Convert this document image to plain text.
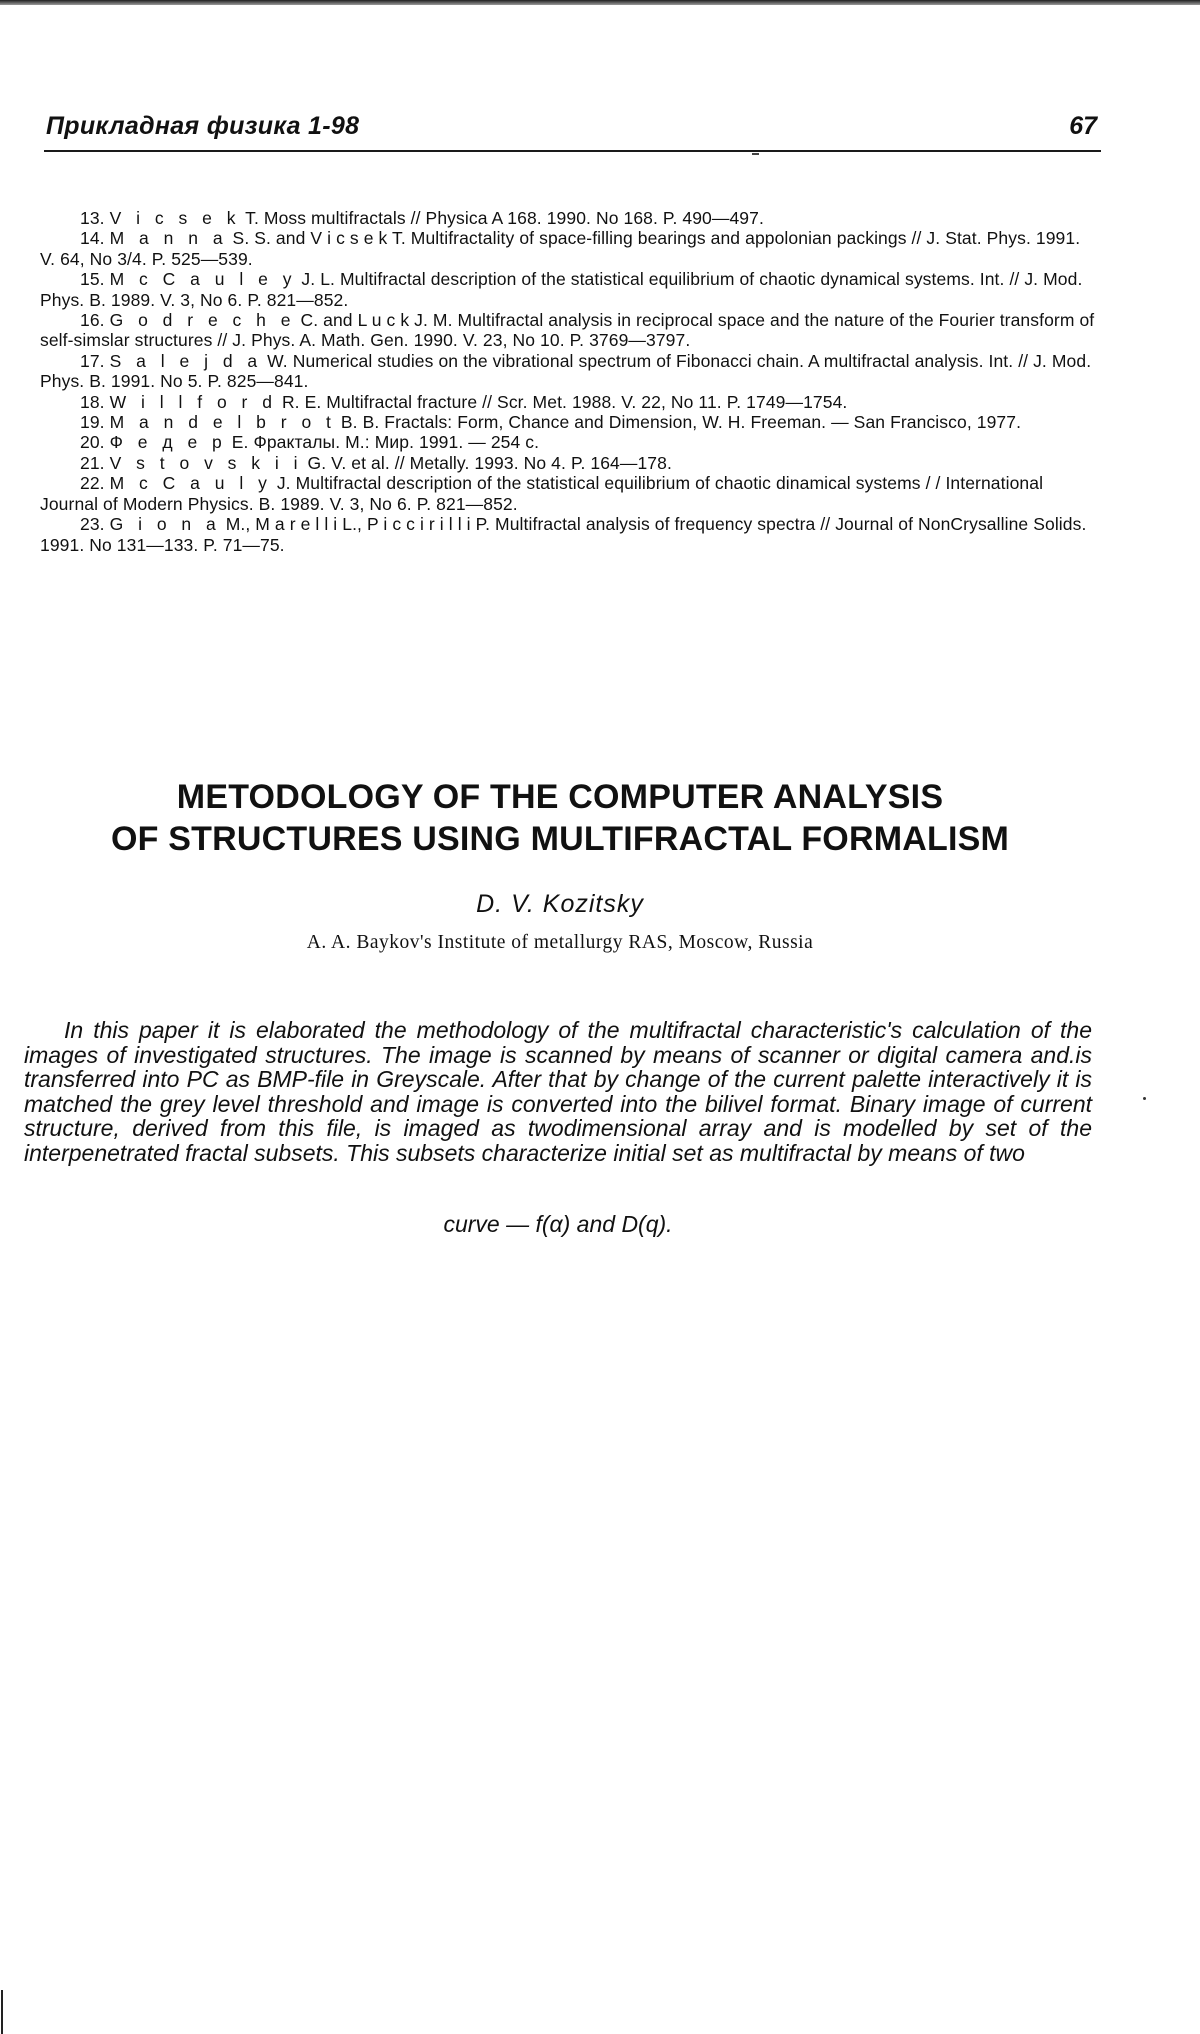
Прикладная физика 1-98	67

13. V i c s e k T. Moss multifractals // Physica A 168. 1990. No 168. P. 490—497.

14. M a n n a S. S. and V i c s e k T. Multifractality of space-filling bearings and appolonian packings // J. Stat. Phys. 1991. V. 64, No 3/4. P. 525—539.

15. M c C a u l e y J. L. Multifractal description of the statistical equilibrium of chaotic dynamical systems. Int. // J. Mod. Phys. B. 1989. V. 3, No 6. P. 821—852.

16. G o d r e c h e C. and L u c k J. M. Multifractal analysis in reciprocal space and the nature of the Fourier transform of self-simslar structures // J. Phys. A. Math. Gen. 1990. V. 23, No 10. P. 3769—3797.

17. S a l e j d a W. Numerical studies on the vibrational spectrum of Fibonacci chain. A multifractal analysis. Int. // J. Mod. Phys. B. 1991. No 5. P. 825—841.

18. W i l l f o r d R. E. Multifractal fracture // Scr. Met. 1988. V. 22, No 11. P. 1749—1754.

19. M a n d e l b r o t B. B. Fractals: Form, Chance and Dimension, W. H. Freeman. — San Francisco, 1977.

20. Ф е д е р Е. Фракталы. М.: Мир. 1991. — 254 с.

21. V s t o v s k i i G. V. et al. // Metally. 1993. No 4. P. 164—178.

22. M c C a u l y J. Multifractal description of the statistical equilibrium of chaotic dinamical systems / / International Journal of Modern Physics. B. 1989. V. 3, No 6. P. 821—852.

23. G i o n a M., M a r e l l i L., P i c c i r i l l i P. Multifractal analysis of frequency spectra // Journal of NonCrysalline Solids. 1991. No 131—133. P. 71—75.

METODOLOGY OF THE COMPUTER ANALYSIS
OF STRUCTURES USING MULTIFRACTAL FORMALISM
D. V. Kozitsky
A. A. Baykov's Institute of metallurgy RAS, Moscow, Russia
In this paper it is elaborated the methodology of the multifractal characteristic's calculation of the images of investigated structures. The image is scanned by means of scanner or digital camera and.is transferred into PC as BMP-file in Greyscale. After that by change of the current palette interactively it is matched the grey level threshold and image is converted into the bilivel format. Binary image of current structure, derived from this file, is imaged as twodimensional array and is modelled by set of the interpenetrated fractal subsets. This subsets characterize initial set as multifractal by means of two
curve — f(α) and D(q).
